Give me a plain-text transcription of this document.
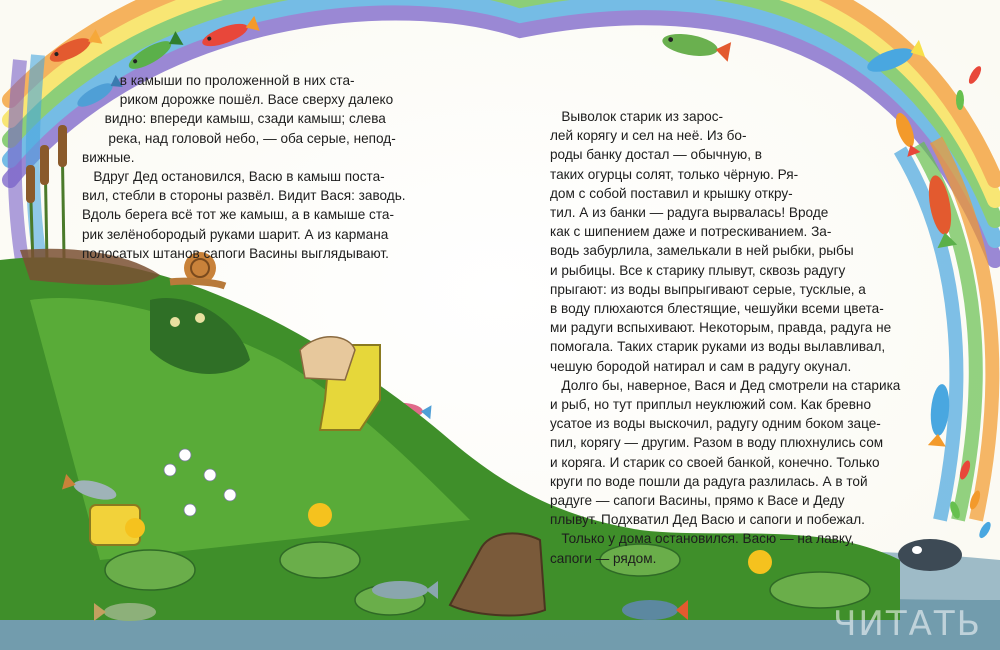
в камыши по проложенной в них ста-

риком дорожке пошёл. Васе сверху далеко

видно: впереди камыш, сзади камыш; слева

река, над головой небо, — оба серые, непод-

вижные.

Вдруг Дед остановился, Васю в камыш поста-

вил, стебли в стороны развёл. Видит Вася: заводь.

Вдоль берега всё тот же камыш, а в камыше ста-

рик зелёнобородый руками шарит. А из кармана

полосатых штанов сапоги Васины выглядывают.

Выволок старик из зарос-

лей корягу и сел на неё. Из бо-

роды банку достал — обычную, в

таких огурцы солят, только чёрную. Ря-

дом с собой поставил и крышку откру-

тил. А из банки — радуга вырвалась! Вроде

как с шипением даже и потрескиванием. За-

водь забурлила, замелькали в ней рыбки, рыбы

и рыбицы. Все к старику плывут, сквозь радугу

прыгают: из воды выпрыгивают серые, тусклые, а

в воду плюхаются блестящие, чешуйки всеми цвета-

ми радуги вспыхивают. Некоторым, правда, радуга не

помогала. Таких старик руками из воды вылавливал,

чешую бородой натирал и сам в радугу окунал.

Долго бы, наверное, Вася и Дед смотрели на старика

и рыб, но тут приплыл неуклюжий сом. Как бревно

усатое из воды выскочил, радугу одним боком заце-

пил, корягу — другим. Разом в воду плюхнулись сом

и коряга. И старик со своей банкой, конечно. Только

круги по воде пошли да радуга разлилась. А в той

радуге — сапоги Васины, прямо к Васе и Деду

плывут. Подхватил Дед Васю и сапоги и побежал.

Только у дома остановился. Васю — на лавку,

сапоги — рядом.

ЧИТАТЬ
